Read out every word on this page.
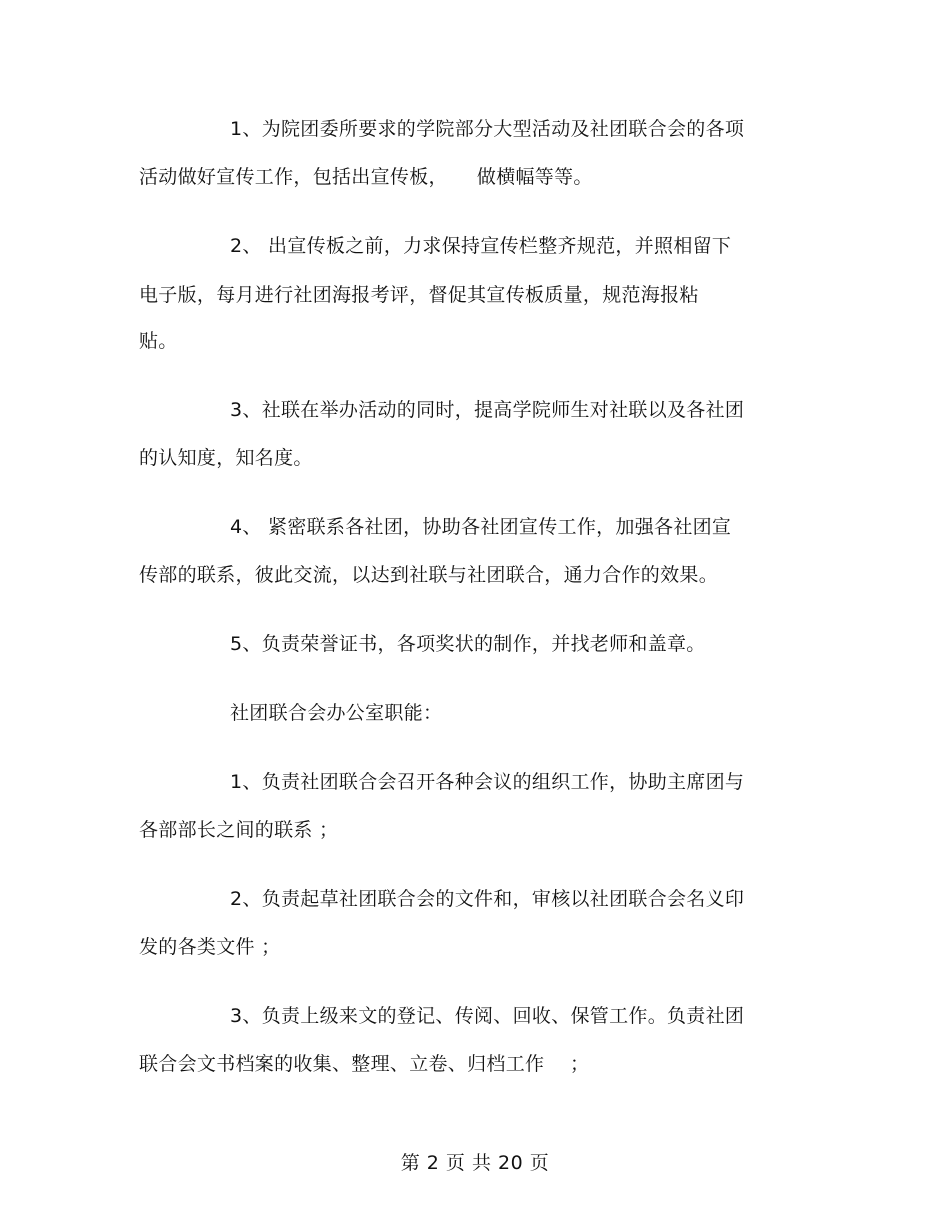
1、为院团委所要求的学院部分大型活动及社团联合会的各项
活动做好宣传工作，包括出宣传板，　　做横幅等等。
2、 出宣传板之前，力求保持宣传栏整齐规范，并照相留下
电子版，每月进行社团海报考评，督促其宣传板质量，规范海报粘
贴。
3、社联在举办活动的同时，提高学院师生对社联以及各社团
的认知度，知名度。
4、 紧密联系各社团，协助各社团宣传工作，加强各社团宣
传部的联系，彼此交流，以达到社联与社团联合，通力合作的效果。
5、负责荣誉证书，各项奖状的制作，并找老师和盖章。
社团联合会办公室职能：
1、负责社团联合会召开各种会议的组织工作，协助主席团与
各部部长之间的联系 ；
2、负责起草社团联合会的文件和，审核以社团联合会名义印
发的各类文件 ；
3、负责上级来文的登记、传阅、回收、保管工作。负责社团
联合会文书档案的收集、整理、立卷、归档工作　 ；
第 2 页 共 20 页
